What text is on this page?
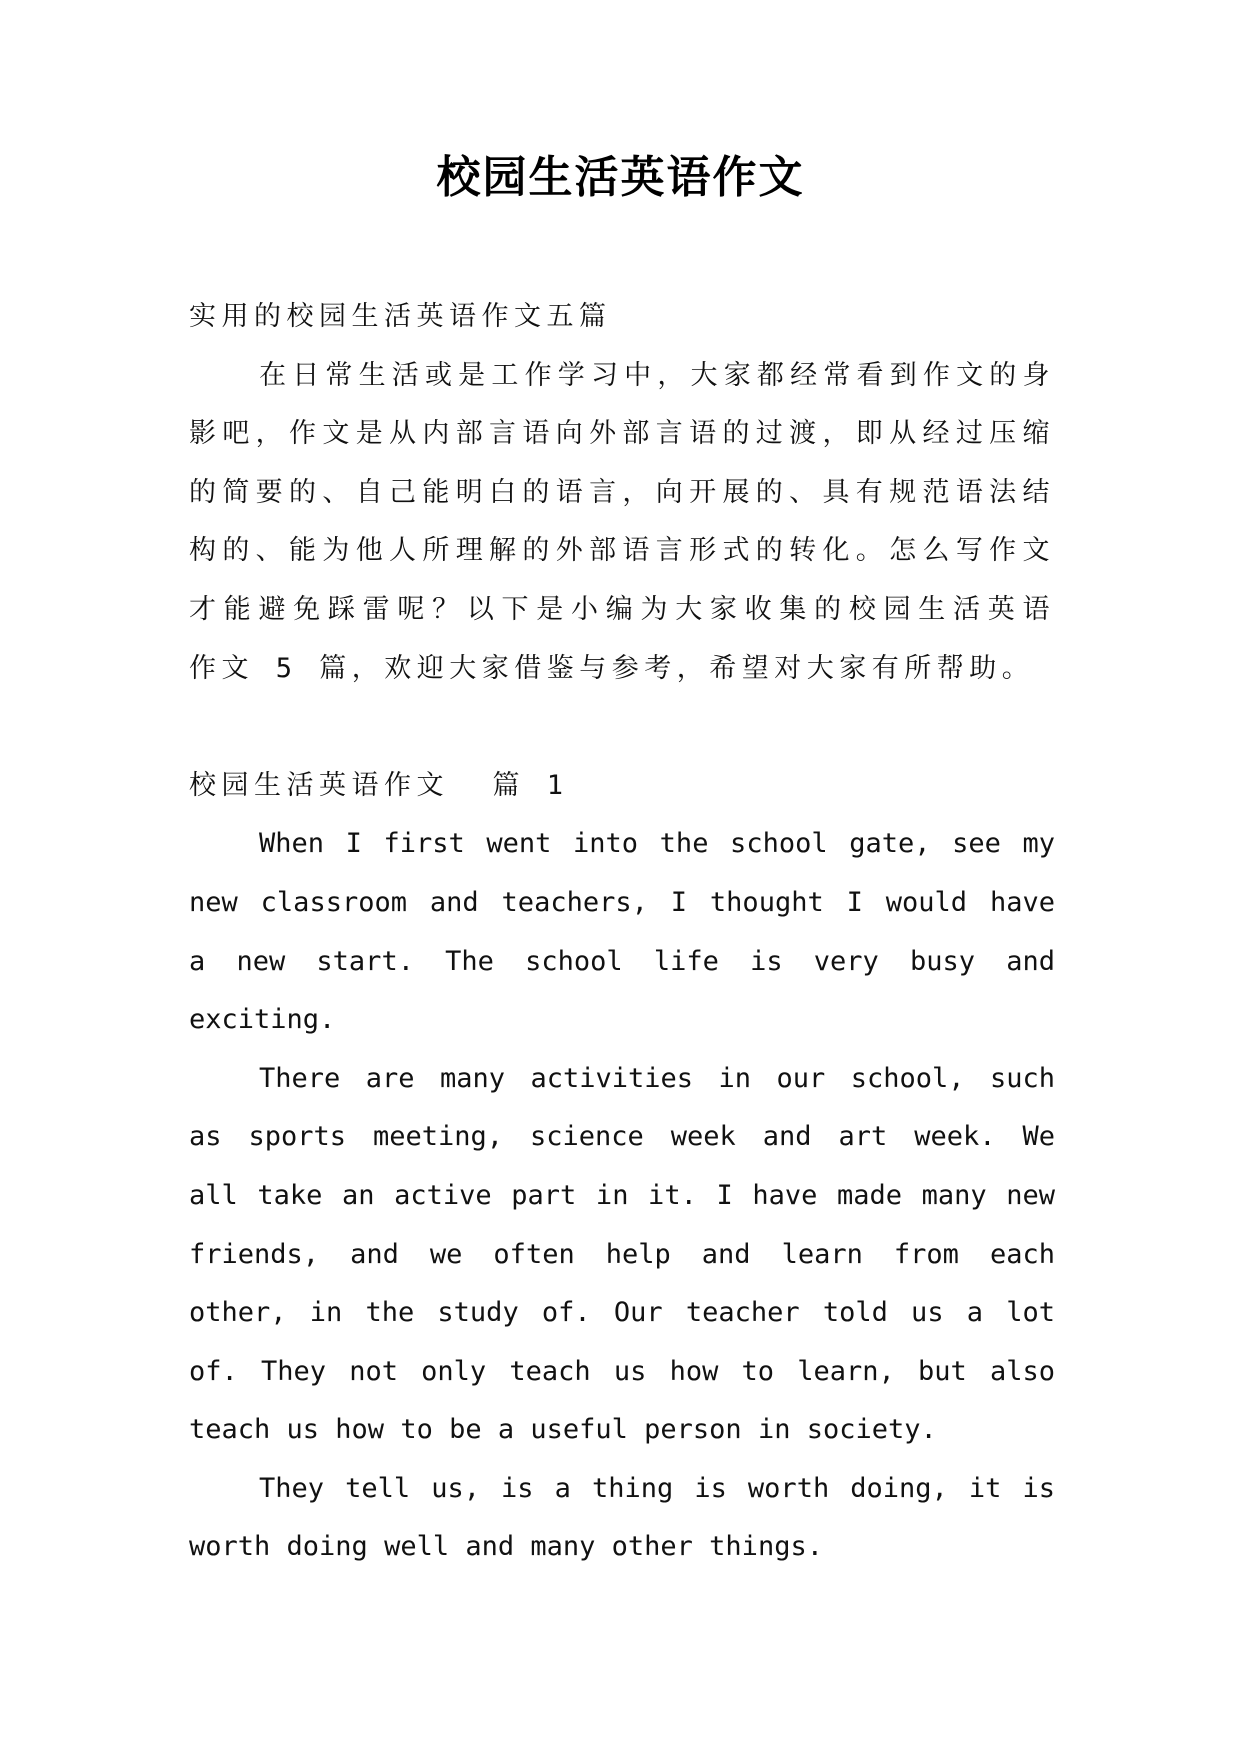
校园生活英语作文
实用的校园生活英语作文五篇
在日常生活或是工作学习中，大家都经常看到作文的身
影吧，作文是从内部言语向外部言语的过渡，即从经过压缩
的简要的、自己能明白的语言，向开展的、具有规范语法结
构的、能为他人所理解的外部语言形式的转化。怎么写作文
才能避免踩雷呢？以下是小编为大家收集的校园生活英语
作文 5 篇，欢迎大家借鉴与参考，希望对大家有所帮助。
校园生活英语作文  篇 1
When I first went into the school gate, see my
new classroom and teachers, I thought I would have
a new start. The school life is very busy and
exciting.
There are many activities in our school, such
as sports meeting, science week and art week. We
all take an active part in it. I have made many new
friends, and we often help and learn from each
other, in the study of. Our teacher told us a lot
of. They not only teach us how to learn, but also
teach us how to be a useful person in society.
They tell us, is a thing is worth doing, it is
worth doing well and many other things.
